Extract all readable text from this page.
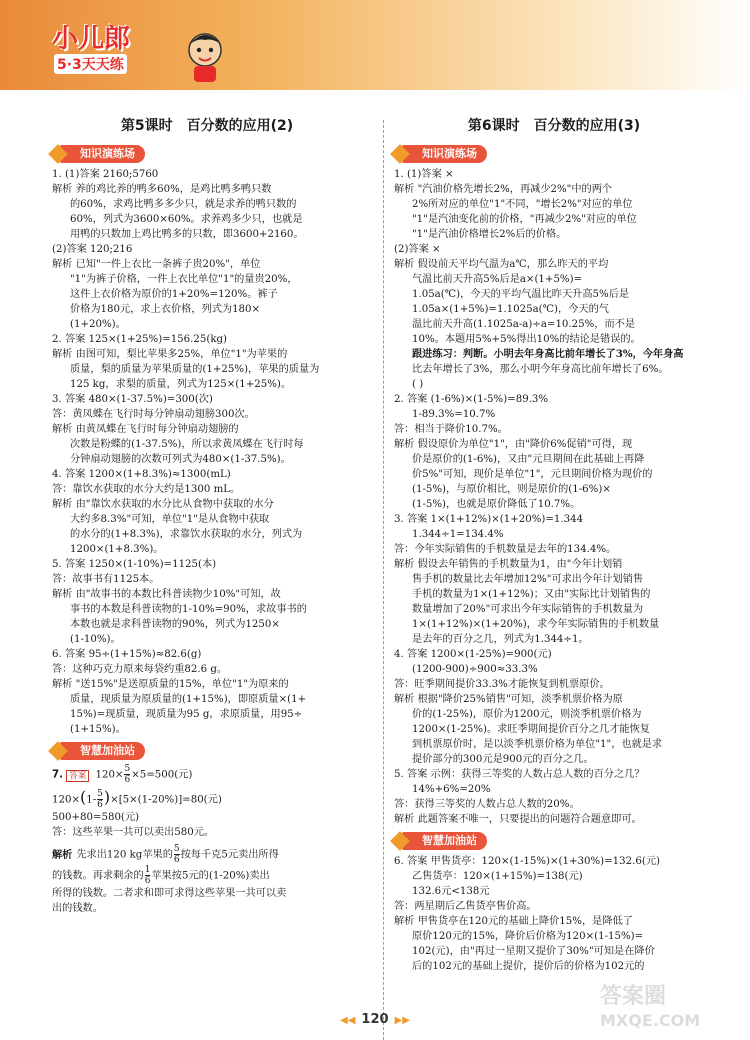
小儿郎
5·3天天练
第5课时 百分数的应用(2)
知识演练场
1. (1)答案 2160;5760
解析 养的鸡比养的鸭多60%，是鸡比鸭多鸭只数
的60%，求鸡比鸭多多少只，就是求养的鸭只数的
60%，列式为3600×60%。求养鸡多少只，也就是
用鸭的只数加上鸡比鸭多的只数，即3600+2160。
(2)答案 120;216
解析 已知"一件上衣比一条裤子贵20%"，单位
"1"为裤子价格，一件上衣比单位"1"的量贵20%，
这件上衣价格为原价的1+20%=120%。裤子
价格为180元，求上衣价格，列式为180×
(1+20%)。
2. 答案 125×(1+25%)=156.25(kg)
解析 由图可知，梨比苹果多25%，单位"1"为苹果的
质量，梨的质量为苹果质量的(1+25%)，苹果的质量为
125 kg，求梨的质量，列式为125×(1+25%)。
3. 答案 480×(1-37.5%)=300(次)
答：黄凤蝶在飞行时每分钟扇动翅膀300次。
解析 由黄凤蝶在飞行时每分钟扇动翅膀的
次数是粉蝶的(1-37.5%)，所以求黄凤蝶在飞行时每
分钟扇动翅膀的次数可列式为480×(1-37.5%)。
4. 答案 1200×(1+8.3%)≈1300(mL)
答：靠饮水获取的水分大约是1300 mL。
解析 由"靠饮水获取的水分比从食物中获取的水分
大约多8.3%"可知，单位"1"是从食物中获取
的水分的(1+8.3%)，求靠饮水获取的水分，列式为
1200×(1+8.3%)。
5. 答案 1250×(1-10%)=1125(本)
答：故事书有1125本。
解析 由"故事书的本数比科普读物少10%"可知，故
事书的本数是科普读物的1-10%=90%，求故事书的
本数也就是求科普读物的90%，列式为1250×
(1-10%)。
6. 答案 95÷(1+15%)≈82.6(g)
答：这种巧克力原来每袋约重82.6 g。
解析 "送15%"是送原质量的15%，单位"1"为原来的
质量，现质量为原质量的(1+15%)，即原质量×(1+
15%)=现质量，现质量为95 g，求原质量，用95÷
(1+15%)。
智慧加油站
7. 答案 $120\times \frac{5}{6} \times 5=500$(元)
$120\times(1- \frac{5}{6} )\times[5\times(1-20\%)]=80$(元)
500+80=580(元)
答：这些苹果一共可以卖出580元。
解析 先求出120 kg苹果的 $\frac{5}{6}$ 按每千克5元卖出所得
的钱数。再求剩余的 $\frac{1}{6}$ 苹果按5元的(1-20%)卖出
所得的钱数。二者求和即可求得这些苹果一共可以卖
出的钱数。
第6课时 百分数的应用(3)
知识演练场
1. (1)答案 ×
解析 "汽油价格先增长2%，再减少2%"中的两个
2%所对应的单位"1"不同，"增长2%"对应的单位
"1"是汽油变化前的价格，"再减少2%"对应的单位
"1"是汽油价格增长2%后的价格。
(2)答案 ×
解析 假设前天平均气温为a℃，那么昨天的平均
气温比前天升高5%后是a×(1+5%)=
1.05a(℃)，今天的平均气温比昨天升高5%后是
1.05a×(1+5%)=1.1025a(℃)，今天的气
温比前天升高(1.1025a-a)÷a=10.25%，而不是
10%。本题用5%+5%得出10%的结论是错误的。
跟进练习：判断。小明去年身高比前年增长了3%，今年身高
比去年增长了3%，那么小明今年身高比前年增长了6%。
( )
2. 答案 (1-6%)×(1-5%)=89.3%
1-89.3%=10.7%
答：相当于降价10.7%。
解析 假设原价为单位"1"，由"降价6%促销"可得，现
价是原价的(1-6%)，又由"元旦期间在此基础上再降
价5%"可知，现价是单位"1"，元旦期间价格为现价的
(1-5%)，与原价相比，则是原价的(1-6%)×
(1-5%)，也就是原价降低了10.7%。
3. 答案 1×(1+12%)×(1+20%)=1.344
1.344÷1=134.4%
答：今年实际销售的手机数量是去年的134.4%。
解析 假设去年销售的手机数量为1，由"今年计划销
售手机的数量比去年增加12%"可求出今年计划销售
手机的数量为1×(1+12%)；又由"实际比计划销售的
数量增加了20%"可求出今年实际销售的手机数量为
1×(1+12%)×(1+20%)，求今年实际销售的手机数量
是去年的百分之几，列式为1.344÷1。
4. 答案 1200×(1-25%)=900(元)
(1200-900)÷900≈33.3%
答：旺季期间提价33.3%才能恢复到机票原价。
解析 根据"降价25%销售"可知，淡季机票价格为原
价的(1-25%)，原价为1200元，则淡季机票价格为
1200×(1-25%)。求旺季期间提价百分之几才能恢复
到机票原价时，是以淡季机票价格为单位"1"，也就是求
提价部分的300元是900元的百分之几。
5. 答案 示例：获得三等奖的人数占总人数的百分之几？
14%+6%=20%
答：获得三等奖的人数占总人数的20%。
解析 此题答案不唯一，只要提出的问题符合题意即可。
智慧加油站
6. 答案 甲售货亭：120×(1-15%)×(1+30%)=132.6(元)
乙售货亭：120×(1+15%)=138(元)
132.6元<138元
答：两星期后乙售货亭售价高。
解析 甲售货亭在120元的基础上降价15%，是降低了
原价120元的15%，降价后价格为120×(1-15%)=
102(元)，由"再过一星期又提价了30%"可知是在降价
后的102元的基础上提价，提价后的价格为102元的
◀◀ 120 ▶▶
答案圈
MXQE.COM
